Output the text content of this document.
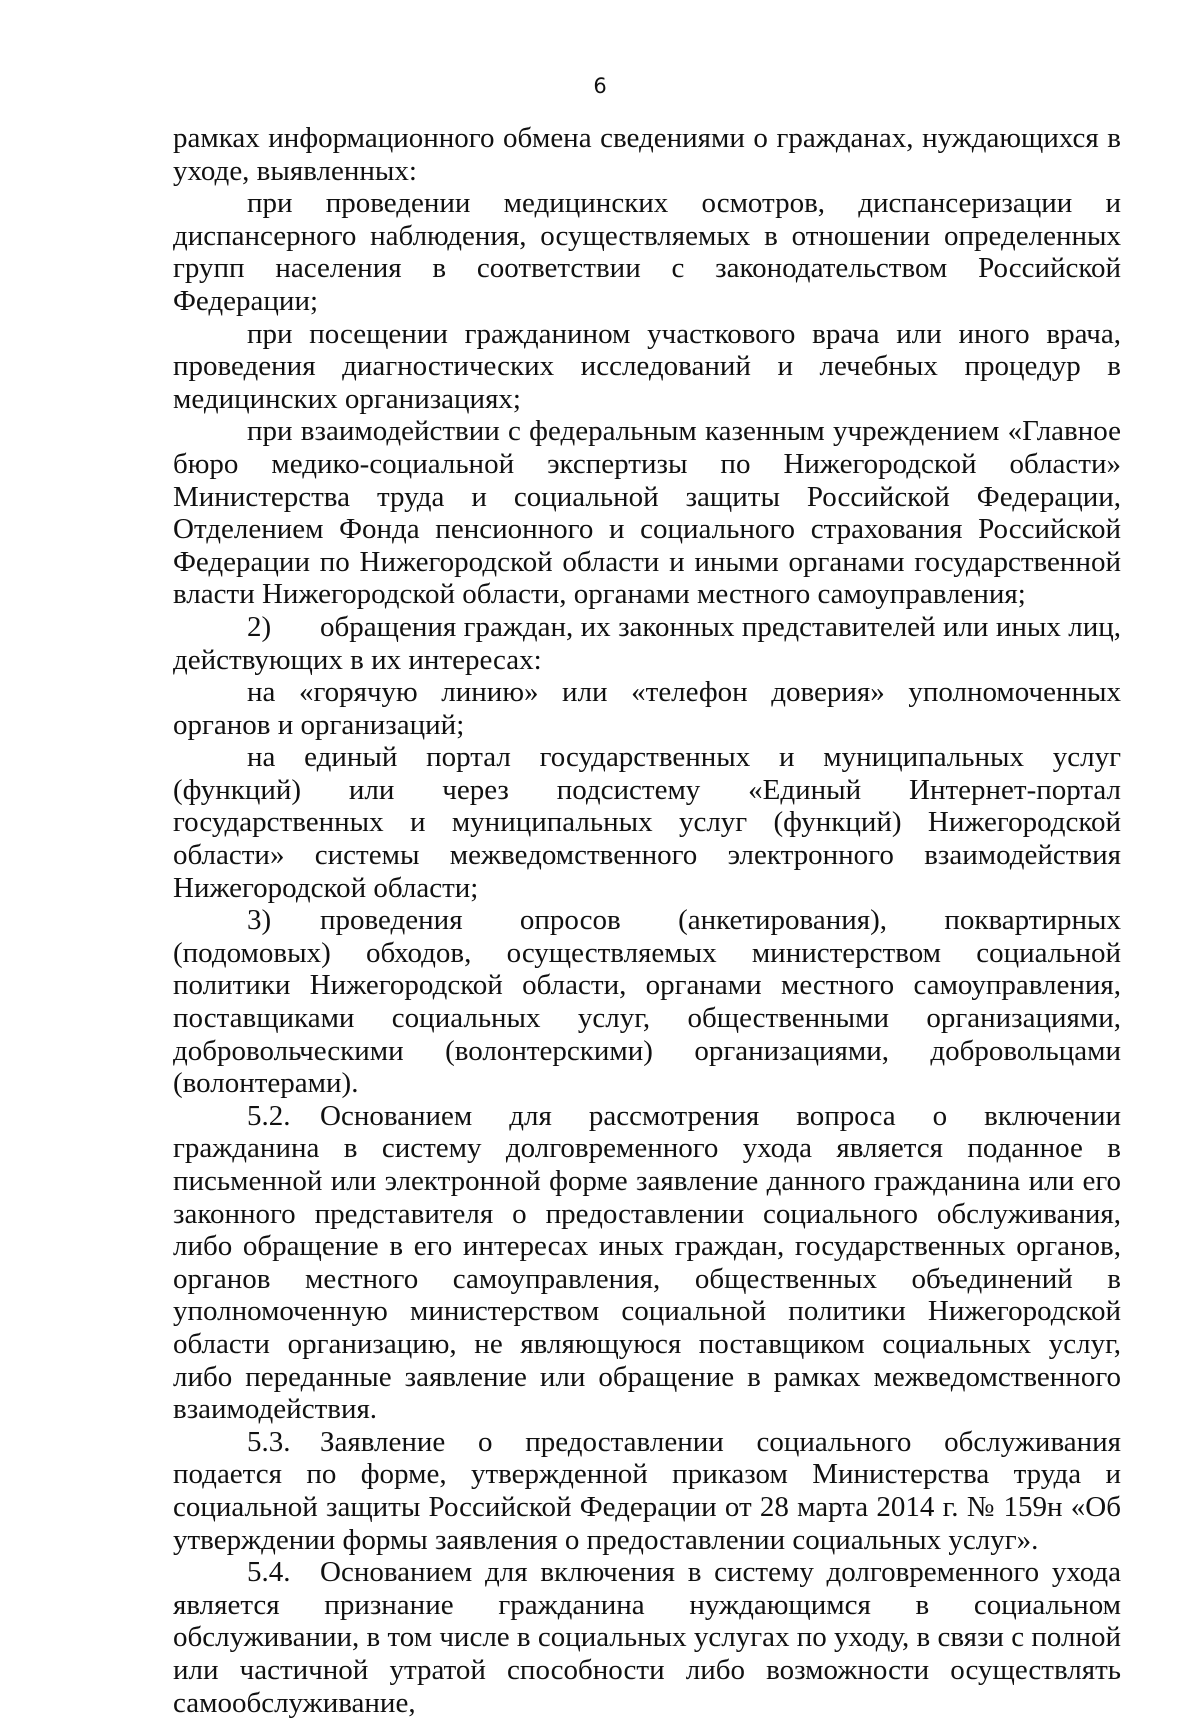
6

рамках информационного обмена сведениями о гражданах, нуждающихся в уходе, выявленных:

при проведении медицинских осмотров, диспансеризации и диспансерного наблюдения, осуществляемых в отношении определенных групп населения в соответствии с законодательством Российской Федерации;

при посещении гражданином участкового врача или иного врача, проведения диагностических исследований и лечебных процедур в медицинских организациях;

при взаимодействии с федеральным казенным учреждением «Главное бюро медико-социальной экспертизы по Нижегородской области» Министерства труда и социальной защиты Российской Федерации, Отделением Фонда пенсионного и социального страхования Российской Федерации по Нижегородской области и иными органами государственной власти Нижегородской области, органами местного самоуправления;

2) обращения граждан, их законных представителей или иных лиц, действующих в их интересах:

на «горячую линию» или «телефон доверия» уполномоченных органов и организаций;

на единый портал государственных и муниципальных услуг (функций) или через подсистему «Единый Интернет-портал государственных и муниципальных услуг (функций) Нижегородской области» системы межведомственного электронного взаимодействия Нижегородской области;

3) проведения опросов (анкетирования), поквартирных (подомовых) обходов, осуществляемых министерством социальной политики Нижегородской области, органами местного самоуправления, поставщиками социальных услуг, общественными организациями, добровольческими (волонтерскими) организациями, добровольцами (волонтерами).

5.2. Основанием для рассмотрения вопроса о включении гражданина в систему долговременного ухода является поданное в письменной или электронной форме заявление данного гражданина или его законного представителя о предоставлении социального обслуживания, либо обращение в его интересах иных граждан, государственных органов, органов местного самоуправления, общественных объединений в уполномоченную министерством социальной политики Нижегородской области организацию, не являющуюся поставщиком социальных услуг, либо переданные заявление или обращение в рамках межведомственного взаимодействия.

5.3. Заявление о предоставлении социального обслуживания подается по форме, утвержденной приказом Министерства труда и социальной защиты Российской Федерации от 28 марта 2014 г. № 159н «Об утверждении формы заявления о предоставлении социальных услуг».

5.4. Основанием для включения в систему долговременного ухода является признание гражданина нуждающимся в социальном обслуживании, в том числе в социальных услугах по уходу, в связи с полной или частичной утратой способности либо возможности осуществлять самообслуживание,
